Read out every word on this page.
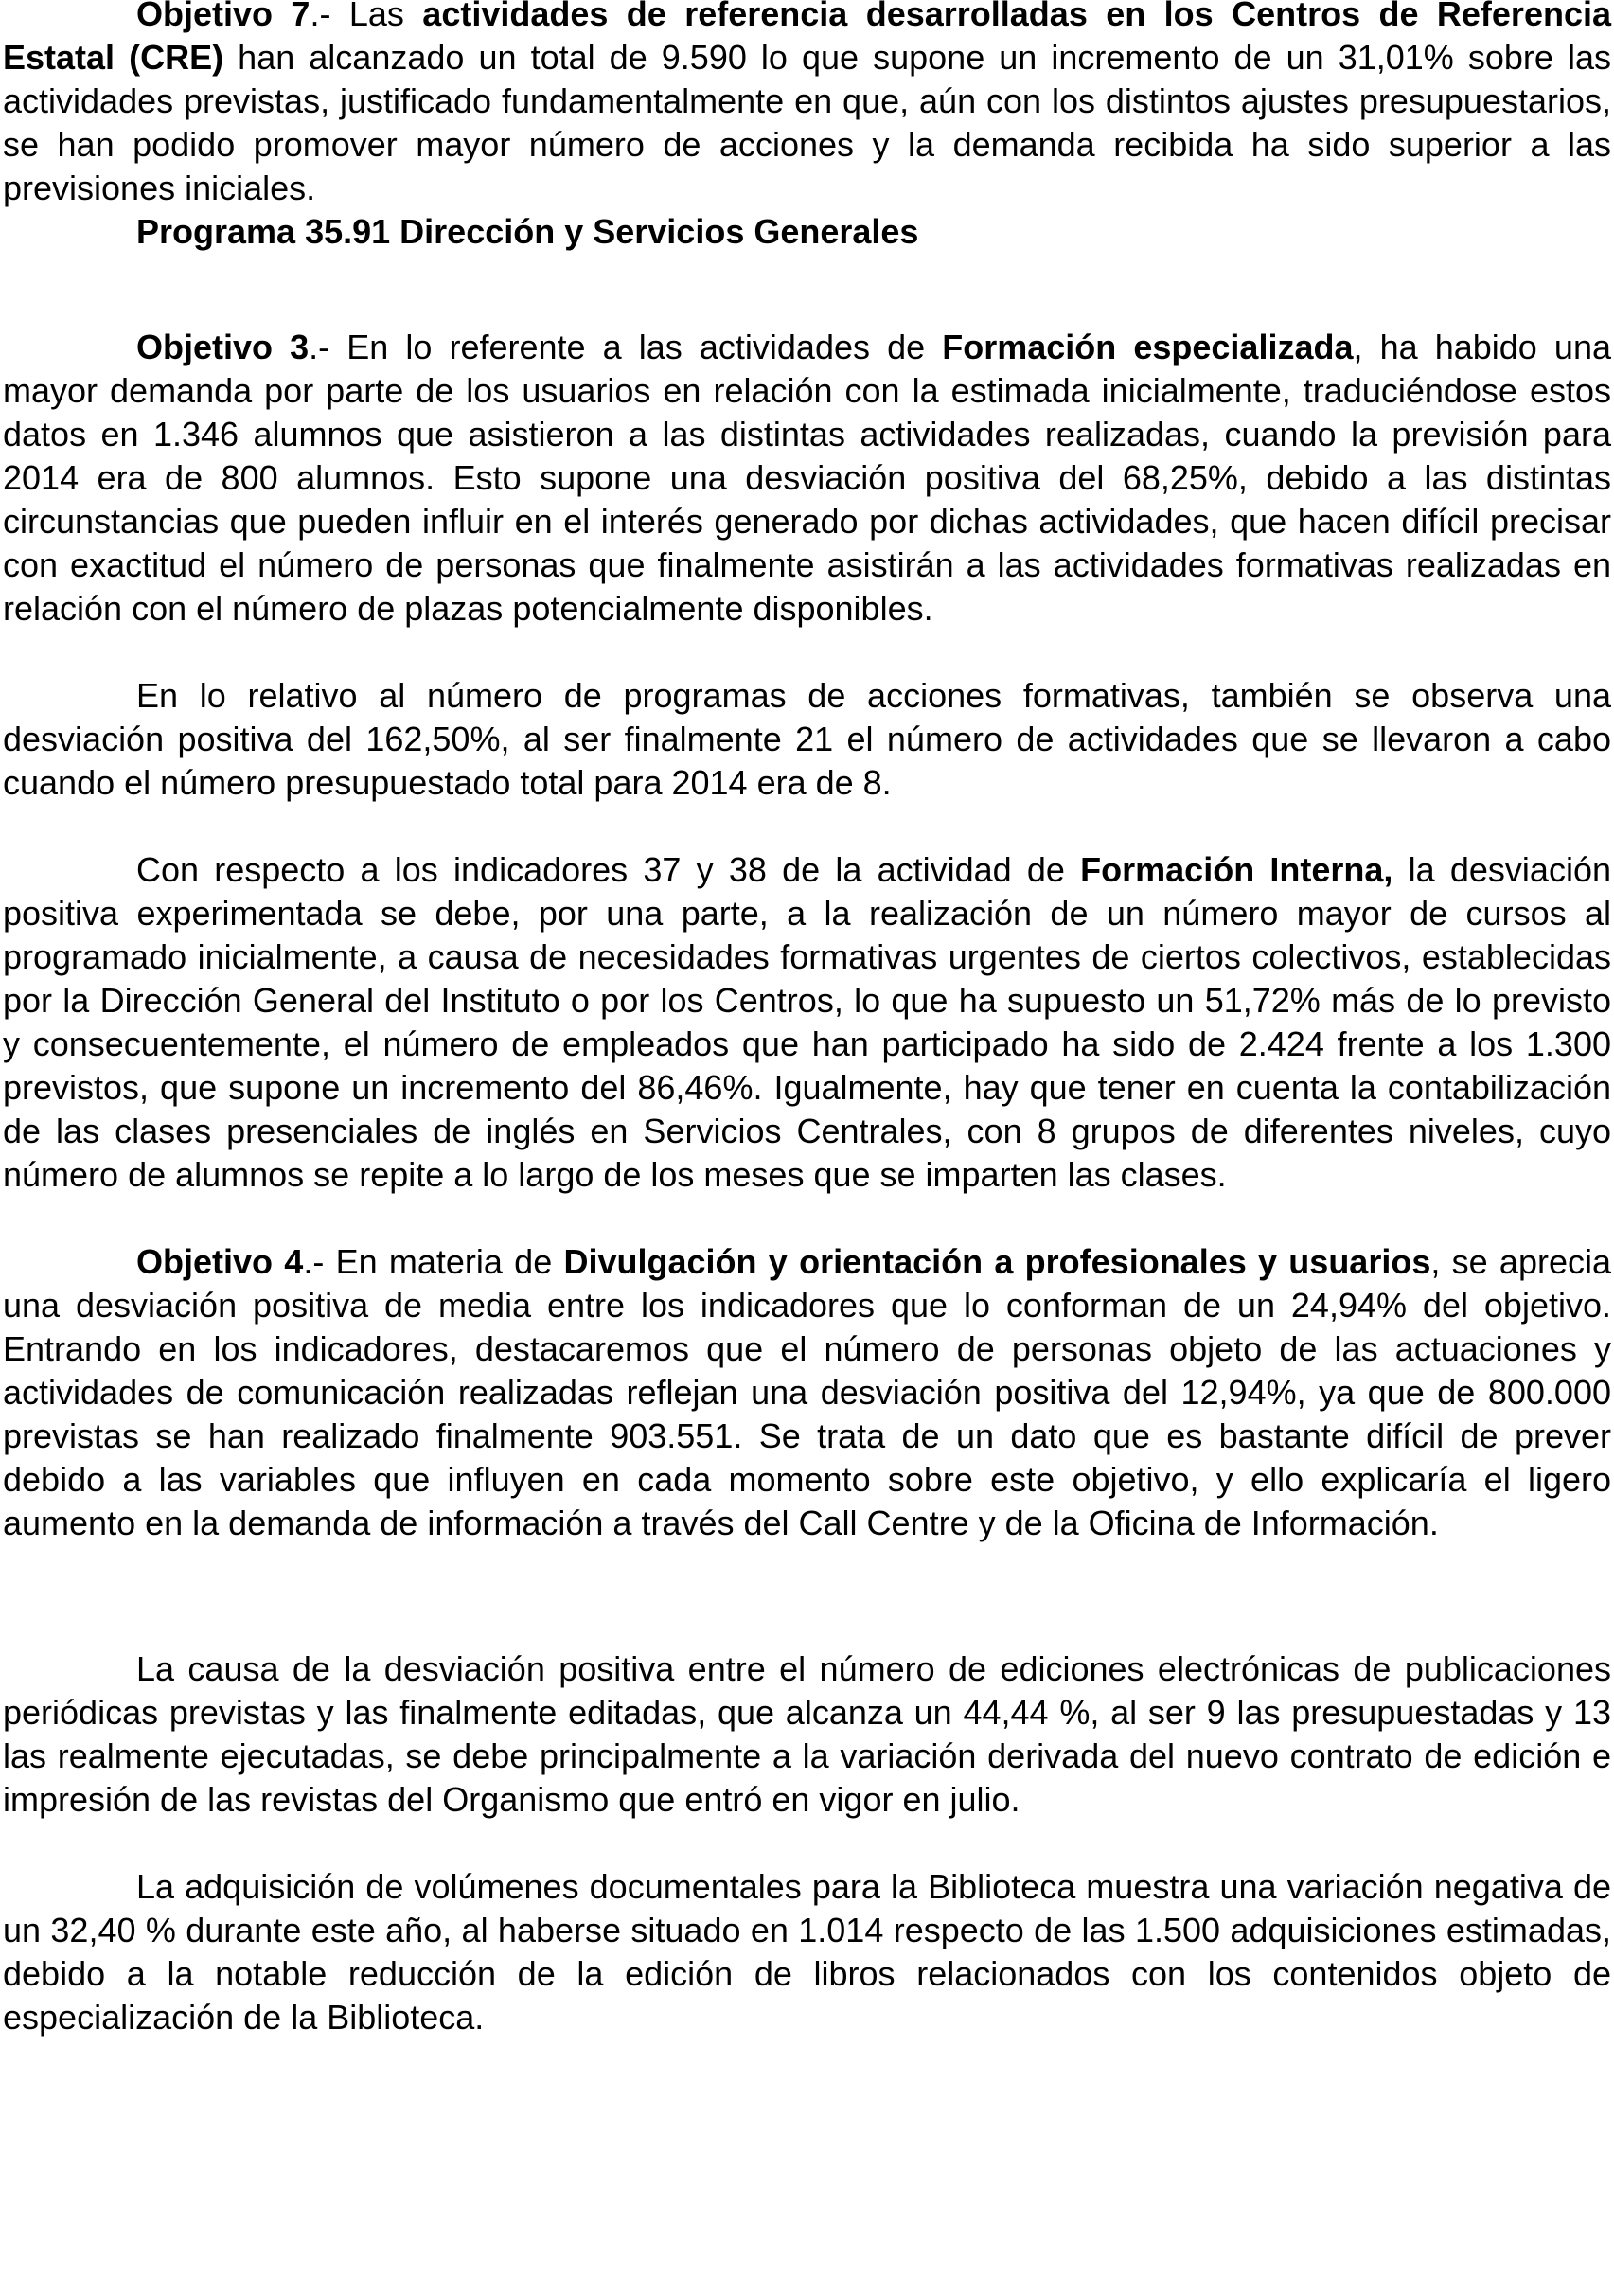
Objetivo 7.- Las actividades de referencia desarrolladas en los Centros de Referencia Estatal (CRE) han alcanzado un total de 9.590 lo que supone un incremento de un 31,01% sobre las actividades previstas, justificado fundamentalmente en que, aún con los distintos ajustes presupuestarios, se han podido promover mayor número de acciones y la demanda recibida ha sido superior a las previsiones iniciales.

Programa 35.91 Dirección y Servicios Generales

Objetivo 3.- En lo referente a las actividades de Formación especializada, ha habido una mayor demanda por parte de los usuarios en relación con la estimada inicialmente, traduciéndose estos datos en 1.346 alumnos que asistieron a las distintas actividades realizadas, cuando la previsión para 2014 era de 800 alumnos. Esto supone una desviación positiva del 68,25%, debido a las distintas circunstancias que pueden influir en el interés generado por dichas actividades, que hacen difícil precisar con exactitud el número de personas que finalmente asistirán a las actividades formativas realizadas en relación con el número de plazas potencialmente disponibles.

En lo relativo al número de programas de acciones formativas, también se observa una desviación positiva del 162,50%, al ser finalmente 21 el número de actividades que se llevaron a cabo cuando el número presupuestado total para 2014 era de 8.

Con respecto a los indicadores 37 y 38 de la actividad de Formación Interna, la desviación positiva experimentada se debe, por una parte, a la realización de un número mayor de cursos al programado inicialmente, a causa de necesidades formativas urgentes de ciertos colectivos, establecidas por la Dirección General del Instituto o por los Centros, lo que ha supuesto un 51,72% más de lo previsto y consecuentemente, el número de empleados que han participado ha sido de 2.424 frente a los 1.300 previstos, que supone un incremento del 86,46%. Igualmente, hay que tener en cuenta la contabilización de las clases presenciales de inglés en Servicios Centrales, con 8 grupos de diferentes niveles, cuyo número de alumnos se repite a lo largo de los meses que se imparten las clases.

Objetivo 4.- En materia de Divulgación y orientación a profesionales y usuarios, se aprecia una desviación positiva de media entre los indicadores que lo conforman de un 24,94% del objetivo. Entrando en los indicadores, destacaremos que el número de personas objeto de las actuaciones y actividades de comunicación realizadas reflejan una desviación positiva del 12,94%, ya que de 800.000 previstas se han realizado finalmente 903.551. Se trata de un dato que es bastante difícil de prever debido a las variables que influyen en cada momento sobre este objetivo, y ello explicaría el ligero aumento en la demanda de información a través del Call Centre y de la Oficina de Información.

La causa de la desviación positiva entre el número de ediciones electrónicas de publicaciones periódicas previstas y las finalmente editadas, que alcanza un 44,44 %, al ser 9 las presupuestadas y 13 las realmente ejecutadas, se debe principalmente a la variación derivada del nuevo contrato de edición e impresión de las revistas del Organismo que entró en vigor en julio.

La adquisición de volúmenes documentales para la Biblioteca muestra una variación negativa de un 32,40 % durante este año, al haberse situado en 1.014 respecto de las 1.500 adquisiciones estimadas, debido a la notable reducción de la edición de libros relacionados con los contenidos objeto de especialización de la Biblioteca.
